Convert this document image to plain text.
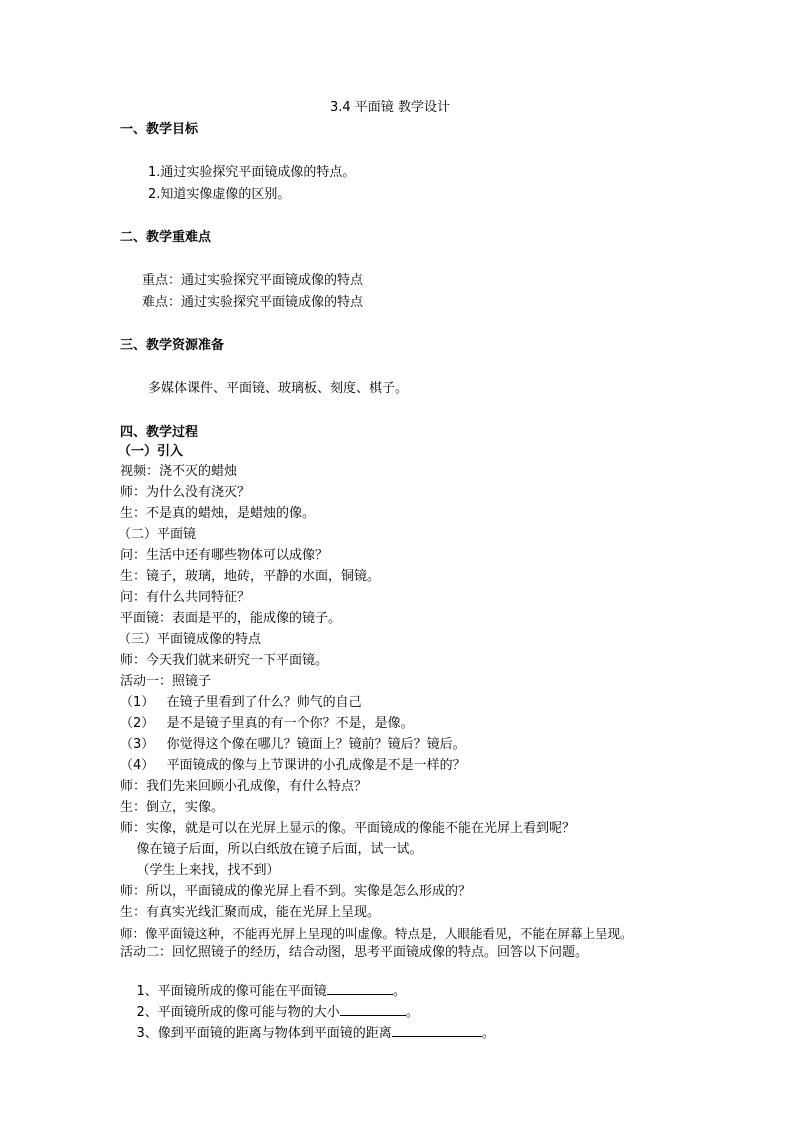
3.4 平面镜 教学设计
一、教学目标
1.通过实验探究平面镜成像的特点。
2.知道实像虚像的区别。
二、教学重难点
重点：通过实验探究平面镜成像的特点
难点：通过实验探究平面镜成像的特点
三、教学资源准备
多媒体课件、平面镜、玻璃板、刻度、棋子。
四、教学过程
（一）引入
视频：浇不灭的蜡烛
师：为什么没有浇灭？
生：不是真的蜡烛，是蜡烛的像。
（二）平面镜
问：生活中还有哪些物体可以成像？
生：镜子，玻璃，地砖，平静的水面，铜镜。
问：有什么共同特征？
平面镜：表面是平的，能成像的镜子。
（三）平面镜成像的特点
师：今天我们就来研究一下平面镜。
活动一：照镜子
（1）   在镜子里看到了什么？帅气的自己
（2）   是不是镜子里真的有一个你？不是，是像。
（3）   你觉得这个像在哪儿？镜面上？镜前？镜后？镜后。
（4）   平面镜成的像与上节课讲的小孔成像是不是一样的？
师：我们先来回顾小孔成像，有什么特点？
生：倒立，实像。
师：实像，就是可以在光屏上显示的像。平面镜成的像能不能在光屏上看到呢？
像在镜子后面，所以白纸放在镜子后面，试一试。
（学生上来找，找不到）
师：所以，平面镜成的像光屏上看不到。实像是怎么形成的？
生：有真实光线汇聚而成，能在光屏上呈现。
师：像平面镜这种，不能再光屏上呈现的叫虚像。特点是，人眼能看见，不能在屏幕上呈现。
活动二：回忆照镜子的经历，结合动图，思考平面镜成像的特点。回答以下问题。

1、平面镜所成的像可能在平面镜	。

2、平面镜所成的像可能与物的大小	。

3、像到平面镜的距离与物体到平面镜的距离	。
